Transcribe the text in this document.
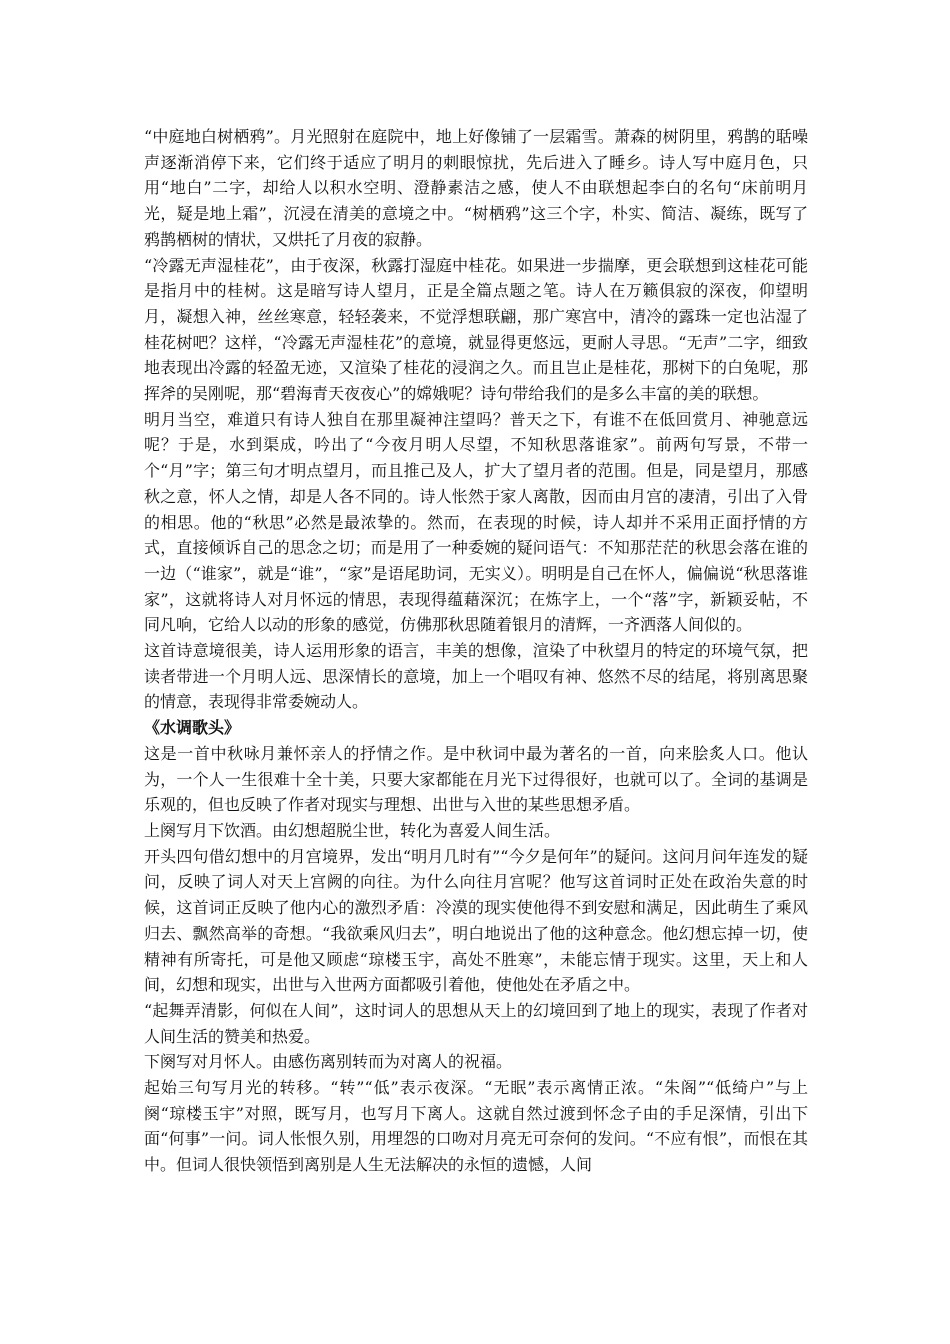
“中庭地白树栖鸦”。月光照射在庭院中，地上好像铺了一层霜雪。萧森的树阴里，鸦鹊的聒噪声逐渐消停下来，它们终于适应了明月的刺眼惊扰，先后进入了睡乡。诗人写中庭月色，只用“地白”二字，却给人以积水空明、澄静素洁之感，使人不由联想起李白的名句“床前明月光，疑是地上霜”，沉浸在清美的意境之中。“树栖鸦”这三个字，朴实、简洁、凝练，既写了鸦鹊栖树的情状，又烘托了月夜的寂静。

“冷露无声湿桂花”，由于夜深，秋露打湿庭中桂花。如果进一步揣摩，更会联想到这桂花可能是指月中的桂树。这是暗写诗人望月，正是全篇点题之笔。诗人在万籁俱寂的深夜，仰望明月，凝想入神，丝丝寒意，轻轻袭来，不觉浮想联翩，那广寒宫中，清冷的露珠一定也沾湿了桂花树吧？这样，“冷露无声湿桂花”的意境，就显得更悠远，更耐人寻思。“无声”二字，细致地表现出冷露的轻盈无迹，又渲染了桂花的浸润之久。而且岂止是桂花，那树下的白兔呢，那挥斧的吴刚呢，那“碧海青天夜夜心”的嫦娥呢？诗句带给我们的是多么丰富的美的联想。

明月当空，难道只有诗人独自在那里凝神注望吗？普天之下，有谁不在低回赏月、神驰意远呢？于是，水到渠成，吟出了“今夜月明人尽望，不知秋思落谁家”。前两句写景，不带一个“月”字；第三句才明点望月，而且推己及人，扩大了望月者的范围。但是，同是望月，那感秋之意，怀人之情，却是人各不同的。诗人怅然于家人离散，因而由月宫的凄清，引出了入骨的相思。他的“秋思”必然是最浓挚的。然而，在表现的时候，诗人却并不采用正面抒情的方式，直接倾诉自己的思念之切；而是用了一种委婉的疑问语气：不知那茫茫的秋思会落在谁的一边（“谁家”，就是“谁”，“家”是语尾助词，无实义）。明明是自己在怀人，偏偏说“秋思落谁家”，这就将诗人对月怀远的情思，表现得蕴藉深沉；在炼字上，一个“落”字，新颖妥帖，不同凡响，它给人以动的形象的感觉，仿佛那秋思随着银月的清辉，一齐洒落人间似的。

这首诗意境很美，诗人运用形象的语言，丰美的想像，渲染了中秋望月的特定的环境气氛，把读者带进一个月明人远、思深情长的意境，加上一个唱叹有神、悠然不尽的结尾，将别离思聚的情意，表现得非常委婉动人。

《水调歌头》

这是一首中秋咏月兼怀亲人的抒情之作。是中秋词中最为著名的一首，向来脍炙人口。他认为，一个人一生很难十全十美，只要大家都能在月光下过得很好，也就可以了。全词的基调是乐观的，但也反映了作者对现实与理想、出世与入世的某些思想矛盾。

上阕写月下饮酒。由幻想超脱尘世，转化为喜爱人间生活。

开头四句借幻想中的月宫境界，发出“明月几时有”“今夕是何年”的疑问。这问月问年连发的疑问，反映了词人对天上宫阙的向往。为什么向往月宫呢？他写这首词时正处在政治失意的时候，这首词正反映了他内心的激烈矛盾：冷漠的现实使他得不到安慰和满足，因此萌生了乘风归去、飘然高举的奇想。“我欲乘风归去”，明白地说出了他的这种意念。他幻想忘掉一切，使精神有所寄托，可是他又顾虑“琼楼玉宇，高处不胜寒”，未能忘情于现实。这里，天上和人间，幻想和现实，出世与入世两方面都吸引着他，使他处在矛盾之中。

“起舞弄清影，何似在人间”，这时词人的思想从天上的幻境回到了地上的现实，表现了作者对人间生活的赞美和热爱。

下阕写对月怀人。由感伤离别转而为对离人的祝福。

起始三句写月光的转移。“转”“低”表示夜深。“无眠”表示离情正浓。“朱阁”“低绮户”与上阕“琼楼玉宇”对照，既写月，也写月下离人。这就自然过渡到怀念子由的手足深情，引出下面“何事”一问。词人怅恨久别，用埋怨的口吻对月亮无可奈何的发问。“不应有恨”，而恨在其中。但词人很快领悟到离别是人生无法解决的永恒的遗憾，人间
